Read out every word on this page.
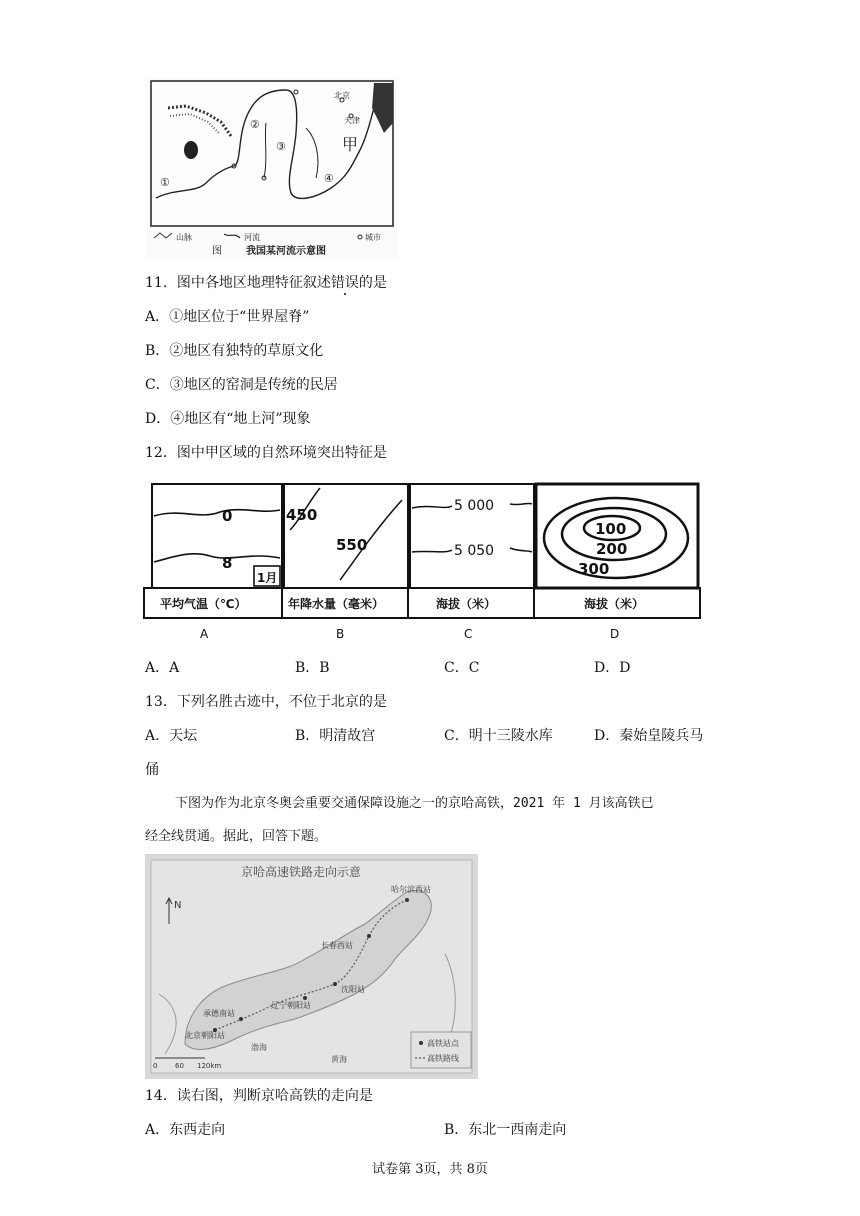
北京
天津
甲
①
②
③
④
山脉	河流	城市
图 我国某河流示意图
11．图中各地区地理特征叙述错误的是
A．①地区位于“世界屋脊”
B．②地区有独特的草原文化
C．③地区的窑洞是传统的民居
D．④地区有“地上河”现象
12．图中甲区域的自然环境突出特征是
0
8
1月
450
550
5 000
5 050
100
200
300
平均气温（℃）	年降水量（毫米）	海拔（米）	海拔（米）
A	B	C	D
A．A	B．B	C．C	D．D
13．下列名胜古迹中，不位于北京的是
A．天坛	B．明清故宫	C．明十三陵水库	D．秦始皇陵兵马
俑
下图为作为北京冬奥会重要交通保障设施之一的京哈高铁，2021 年 1 月该高铁已
经全线贯通。据此，回答下题。
京哈高速铁路走向示意
N
哈尔滨西站
长春西站
沈阳站
辽宁朝阳站
承德南站
北京朝阳站
渤海
黄海
0	60 120km
高铁站点
高铁路线
14．读右图，判断京哈高铁的走向是
A．东西走向	B．东北一西南走向
试卷第 3页，共 8页
